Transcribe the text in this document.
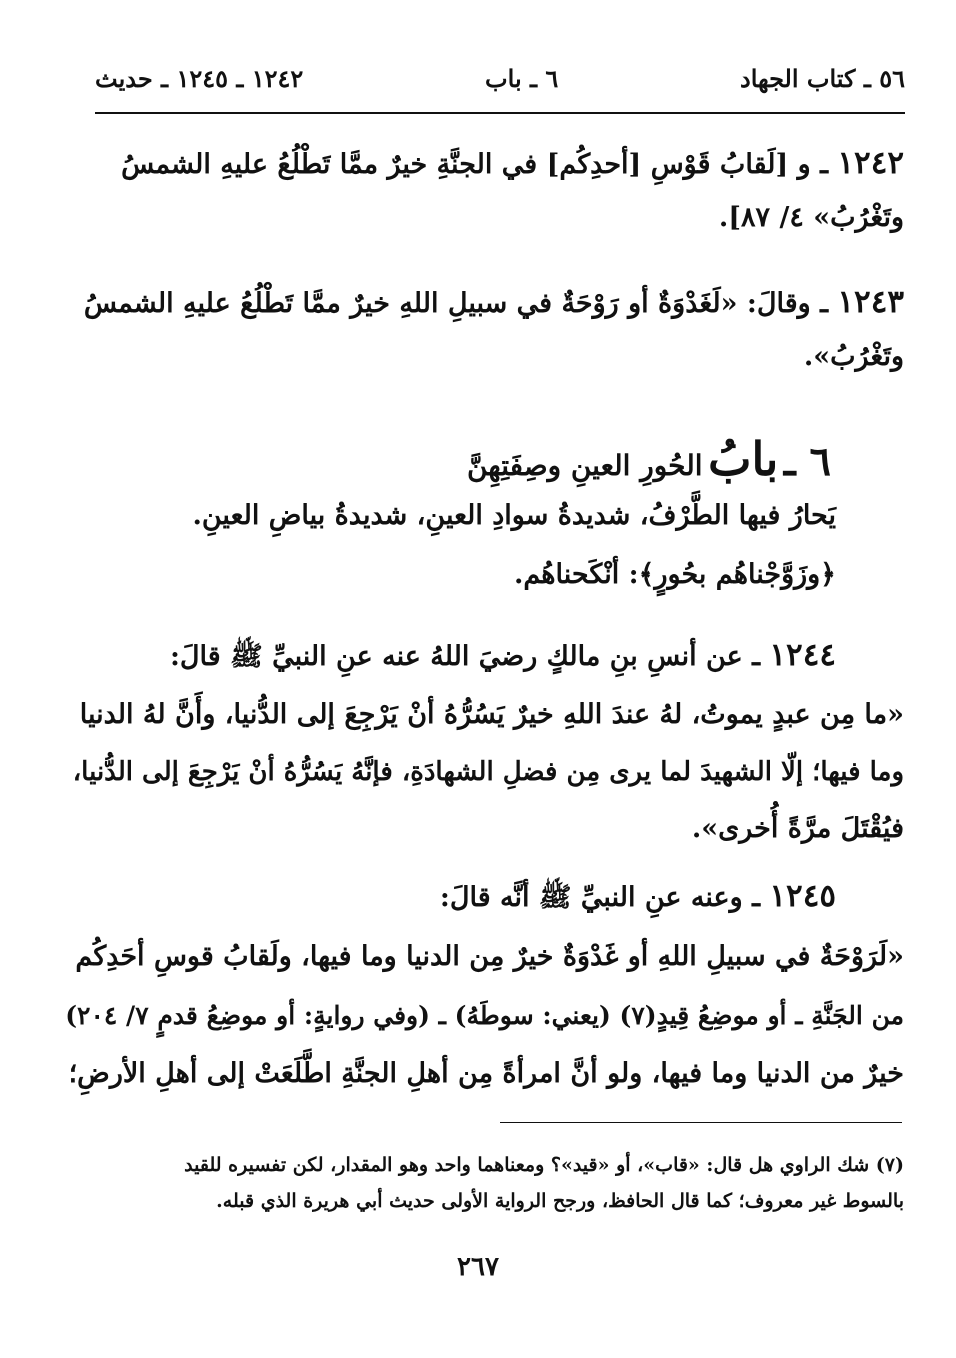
٥٦ ـ كتاب الجهاد
٦ ـ باب
١٢٤٢ ـ ١٢٤٥ ـ حديث
١٢٤٢ ـ و [لَقابُ قَوْسِ [أحدِكُم] في الجنَّةِ خيرٌ ممَّا تَطْلُعُ عليهِ الشمسُ
وتَغْرُبُ» ٤/ ٨٧].
١٢٤٣ ـ وقالَ: «لَغَدْوَةٌ أو رَوْحَةٌ في سبيلِ اللهِ خيرٌ ممَّا تَطْلُعُ عليهِ الشمسُ
وتَغْرُبُ».
٦ ـ بابُ الحُورِ العينِ وصِفَتِهِنَّ
يَحارُ فيها الطَّرْفُ، شديدةُ سوادِ العينِ، شديدةُ بياضِ العينِ.
﴿وزَوَّجْناهُم بحُورٍ﴾: أنْكَحناهُم.
١٢٤٤ ـ عن أنسِ بنِ مالكٍ رضيَ اللهُ عنه عنِ النبيِّ ﷺ قالَ:
«ما مِن عبدٍ يموتُ، لهُ عندَ اللهِ خيرٌ يَسُرُّهُ أنْ يَرْجِعَ إلى الدُّنيا، وأَنَّ لهُ الدنيا
وما فيها؛ إلّا الشهيدَ لما يرى مِن فضلِ الشهادَةِ، فإنَّهُ يَسُرُّهُ أنْ يَرْجِعَ إلى الدُّنيا،
فيُقْتَلَ مرَّةً أُخرى».
١٢٤٥ ـ وعنه عنِ النبيِّ ﷺ أنَّه قالَ:
«لَرَوْحَةٌ في سبيلِ اللهِ أو غَدْوَةٌ خيرٌ مِن الدنيا وما فيها، ولَقابُ قوسِ أحَدِكُم
من الجَنَّةِ ـ أو موضِعُ قِيدٍ(٧) (يعني: سوطَهُ) ـ (وفي روايةٍ: أو موضِعُ قدمٍ ٧/ ٢٠٤)
خيرٌ من الدنيا وما فيها، ولو أنَّ امرأةً مِن أهلِ الجنَّةِ اطَّلَعَتْ إلى أهلِ الأرضِ؛
(٧) شك الراوي هل قال: «قاب»، أو «قيد»؟ ومعناهما واحد وهو المقدار، لكن تفسيره للقيد
بالسوط غير معروف؛ كما قال الحافظ، ورجح الرواية الأولى حديث أبي هريرة الذي قبله.
٢٦٧
